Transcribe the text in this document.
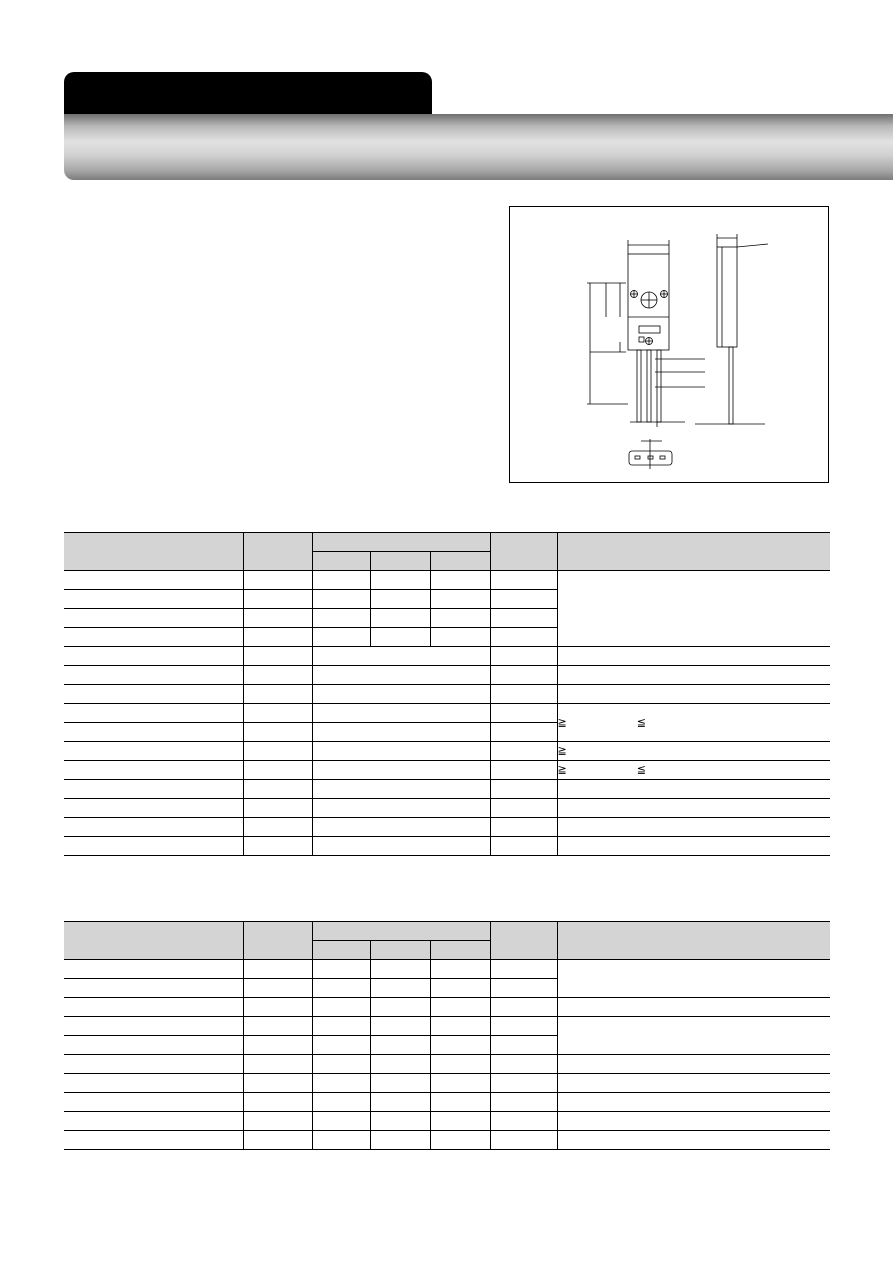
						≧ ≦

						≧
						≧ ≦
